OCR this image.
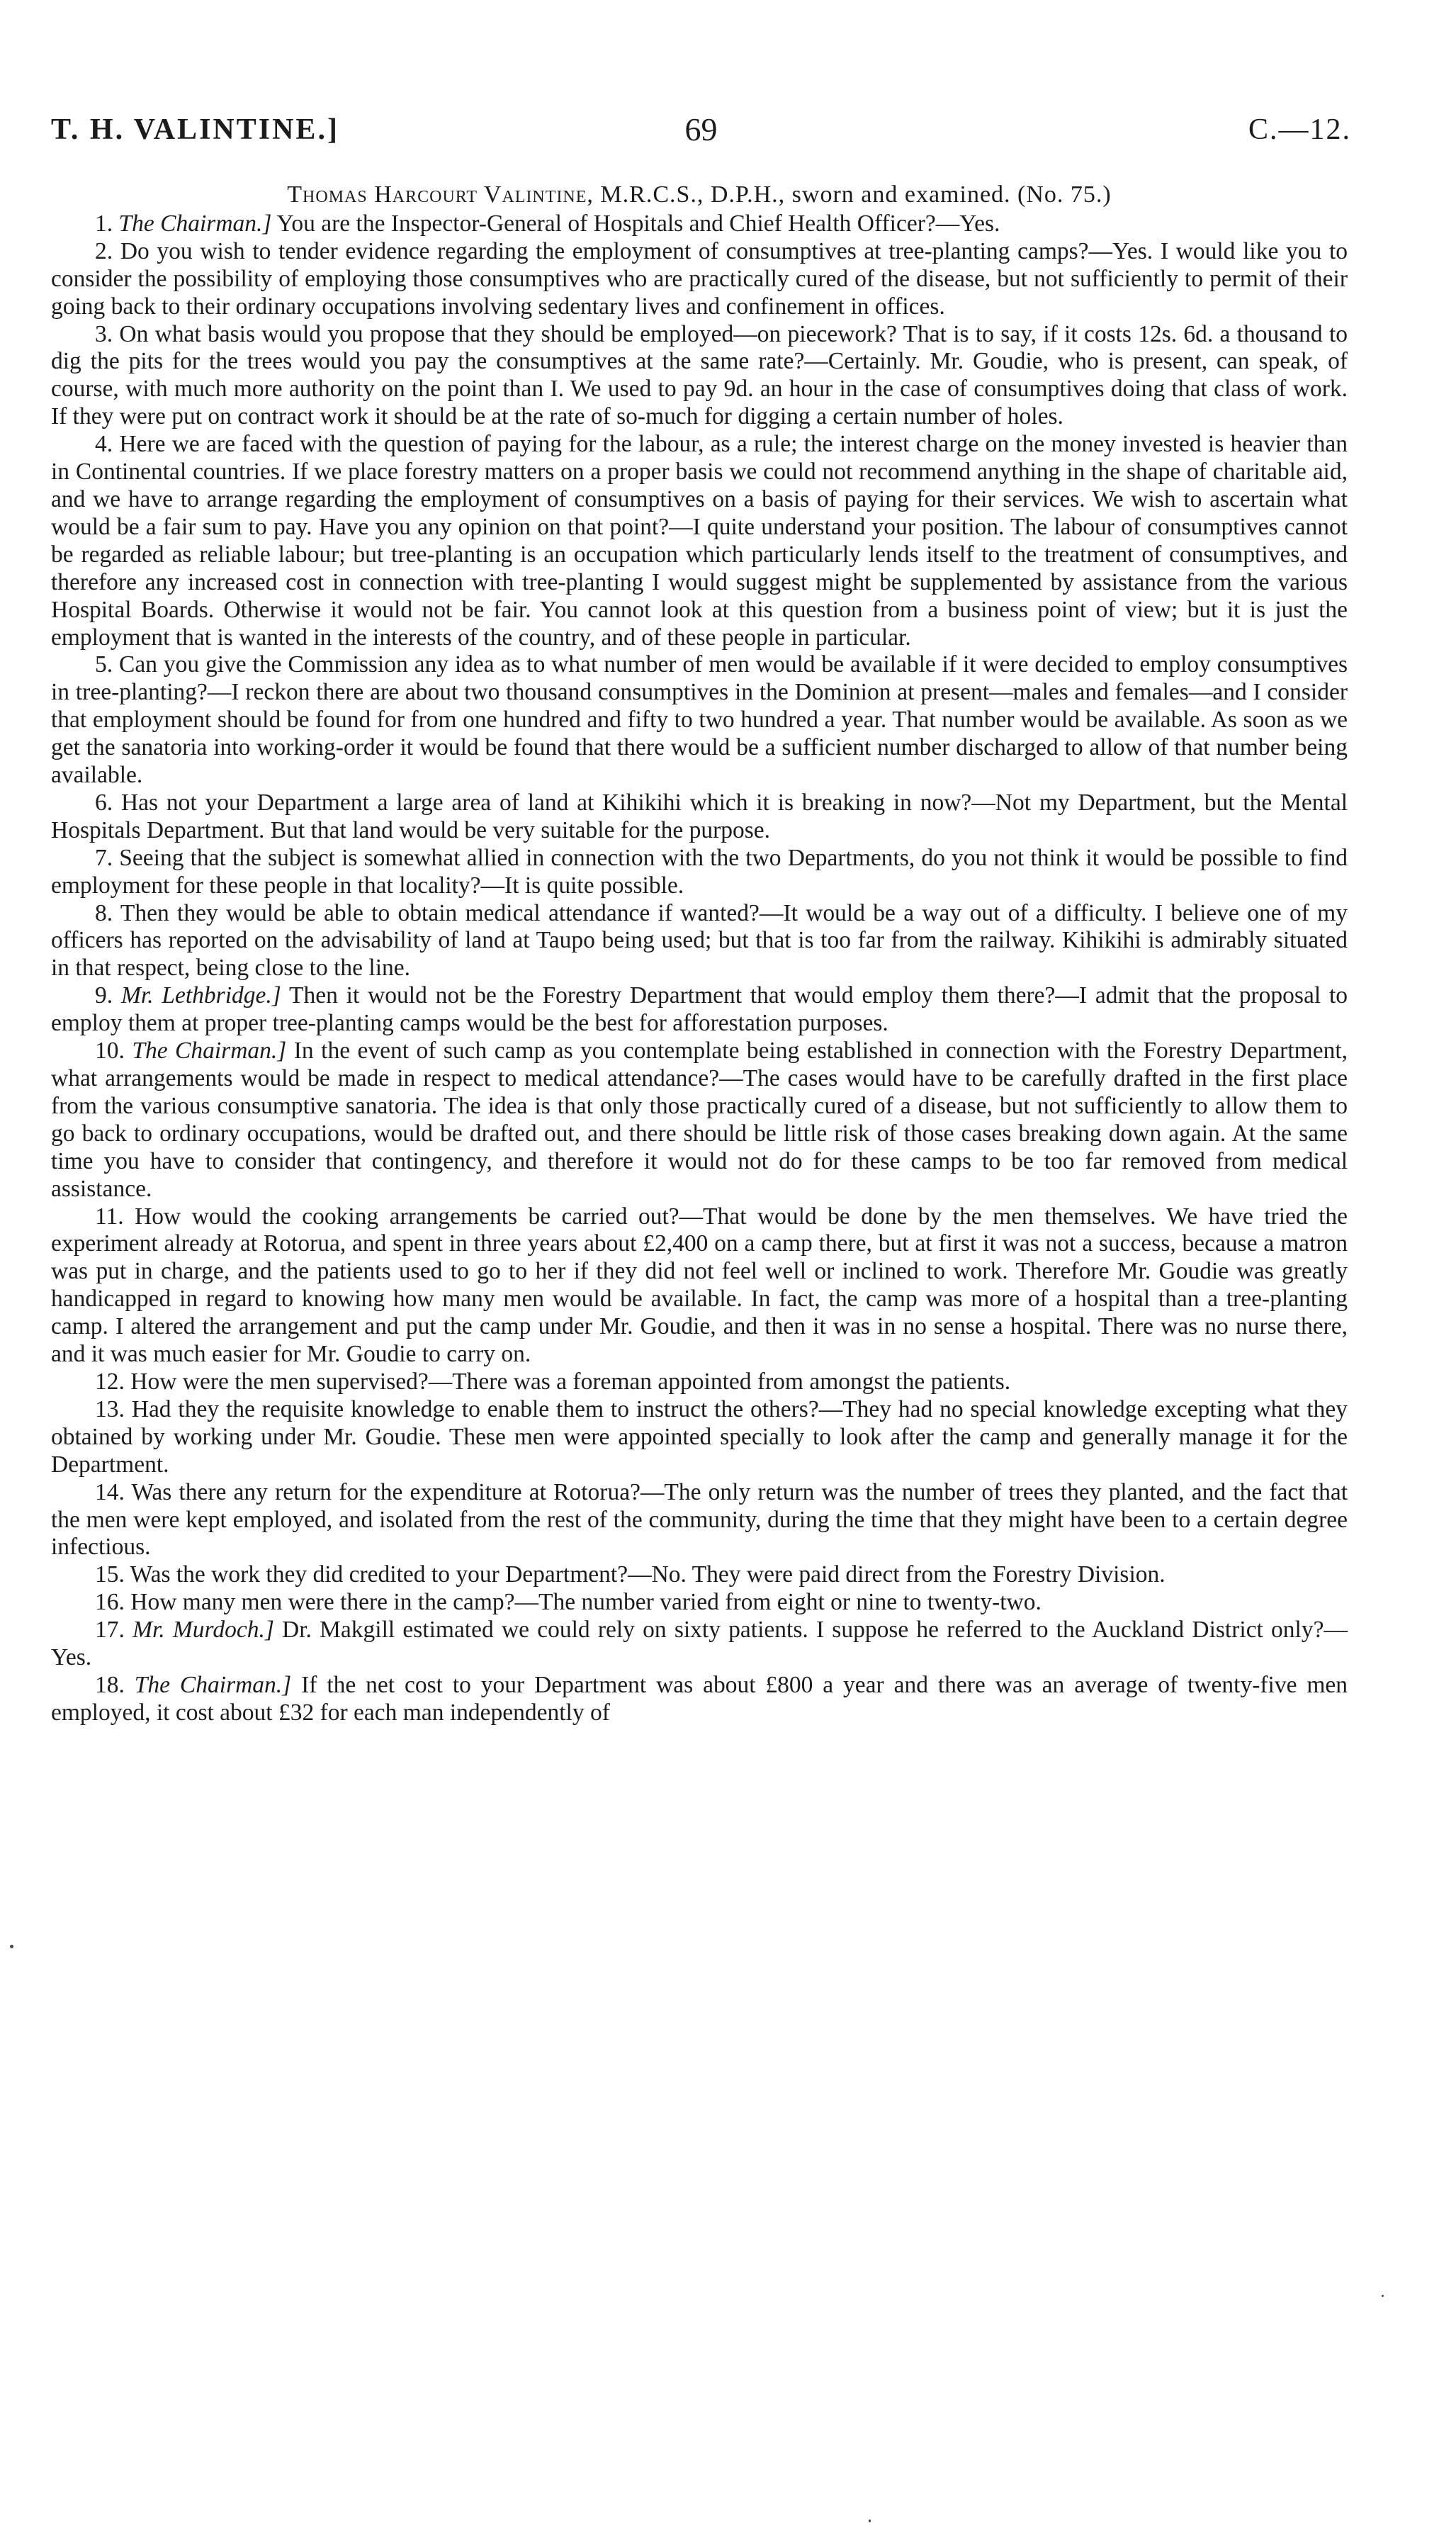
T. H. VALINTINE.]	69	C.—12.

Thomas Harcourt Valintine, M.R.C.S., D.P.H., sworn and examined. (No. 75.)

1. The Chairman.] You are the Inspector-General of Hospitals and Chief Health Officer?—Yes.

2. Do you wish to tender evidence regarding the employment of consumptives at tree-planting camps?—Yes. I would like you to consider the possibility of employing those consumptives who are practically cured of the disease, but not sufficiently to permit of their going back to their ordinary occupations involving sedentary lives and confinement in offices.

3. On what basis would you propose that they should be employed—on piecework? That is to say, if it costs 12s. 6d. a thousand to dig the pits for the trees would you pay the consumptives at the same rate?—Certainly. Mr. Goudie, who is present, can speak, of course, with much more authority on the point than I. We used to pay 9d. an hour in the case of consumptives doing that class of work. If they were put on contract work it should be at the rate of so-much for digging a certain number of holes.

4. Here we are faced with the question of paying for the labour, as a rule; the interest charge on the money invested is heavier than in Continental countries. If we place forestry matters on a proper basis we could not recommend anything in the shape of charitable aid, and we have to arrange regarding the employment of consumptives on a basis of paying for their services. We wish to ascertain what would be a fair sum to pay. Have you any opinion on that point?—I quite understand your position. The labour of consumptives cannot be regarded as reliable labour; but tree-planting is an occupation which particularly lends itself to the treatment of consumptives, and therefore any increased cost in connection with tree-planting I would suggest might be supplemented by assistance from the various Hospital Boards. Otherwise it would not be fair. You cannot look at this question from a business point of view; but it is just the employment that is wanted in the interests of the country, and of these people in particular.

5. Can you give the Commission any idea as to what number of men would be available if it were decided to employ consumptives in tree-planting?—I reckon there are about two thousand consumptives in the Dominion at present—males and females—and I consider that employment should be found for from one hundred and fifty to two hundred a year. That number would be available. As soon as we get the sanatoria into working-order it would be found that there would be a sufficient number discharged to allow of that number being available.

6. Has not your Department a large area of land at Kihikihi which it is breaking in now?—Not my Department, but the Mental Hospitals Department. But that land would be very suitable for the purpose.

7. Seeing that the subject is somewhat allied in connection with the two Departments, do you not think it would be possible to find employment for these people in that locality?—It is quite possible.

8. Then they would be able to obtain medical attendance if wanted?—It would be a way out of a difficulty. I believe one of my officers has reported on the advisability of land at Taupo being used; but that is too far from the railway. Kihikihi is admirably situated in that respect, being close to the line.

9. Mr. Lethbridge.] Then it would not be the Forestry Department that would employ them there?—I admit that the proposal to employ them at proper tree-planting camps would be the best for afforestation purposes.

10. The Chairman.] In the event of such camp as you contemplate being established in connection with the Forestry Department, what arrangements would be made in respect to medical attendance?—The cases would have to be carefully drafted in the first place from the various consumptive sanatoria. The idea is that only those practically cured of a disease, but not sufficiently to allow them to go back to ordinary occupations, would be drafted out, and there should be little risk of those cases breaking down again. At the same time you have to consider that contingency, and therefore it would not do for these camps to be too far removed from medical assistance.

11. How would the cooking arrangements be carried out?—That would be done by the men themselves. We have tried the experiment already at Rotorua, and spent in three years about £2,400 on a camp there, but at first it was not a success, because a matron was put in charge, and the patients used to go to her if they did not feel well or inclined to work. Therefore Mr. Goudie was greatly handicapped in regard to knowing how many men would be available. In fact, the camp was more of a hospital than a tree-planting camp. I altered the arrangement and put the camp under Mr. Goudie, and then it was in no sense a hospital. There was no nurse there, and it was much easier for Mr. Goudie to carry on.

12. How were the men supervised?—There was a foreman appointed from amongst the patients.

13. Had they the requisite knowledge to enable them to instruct the others?—They had no special knowledge excepting what they obtained by working under Mr. Goudie. These men were appointed specially to look after the camp and generally manage it for the Department.

14. Was there any return for the expenditure at Rotorua?—The only return was the number of trees they planted, and the fact that the men were kept employed, and isolated from the rest of the community, during the time that they might have been to a certain degree infectious.

15. Was the work they did credited to your Department?—No. They were paid direct from the Forestry Division.

16. How many men were there in the camp?—The number varied from eight or nine to twenty-two.

17. Mr. Murdoch.] Dr. Makgill estimated we could rely on sixty patients. I suppose he referred to the Auckland District only?—Yes.

18. The Chairman.] If the net cost to your Department was about £800 a year and there was an average of twenty-five men employed, it cost about £32 for each man independently of
